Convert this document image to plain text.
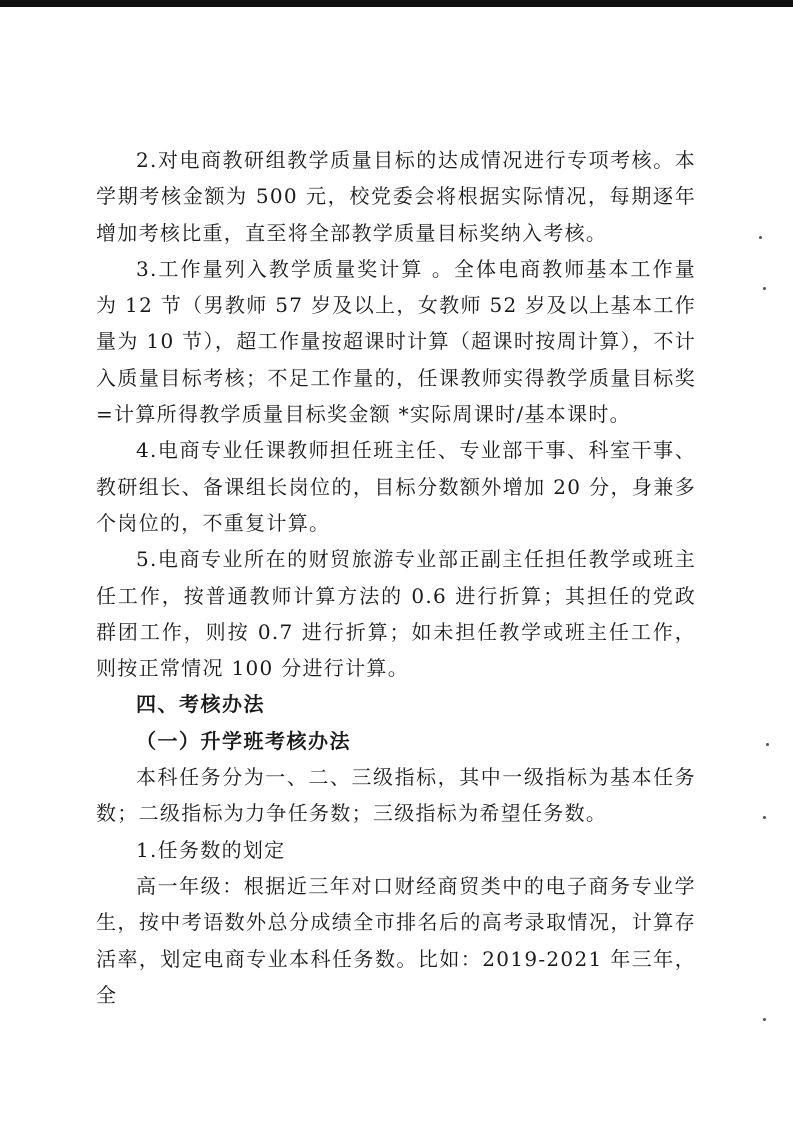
2.对电商教研组教学质量目标的达成情况进行专项考核。本学期考核金额为 500 元，校党委会将根据实际情况，每期逐年增加考核比重，直至将全部教学质量目标奖纳入考核。

3.工作量列入教学质量奖计算 。全体电商教师基本工作量为 12 节（男教师 57 岁及以上，女教师 52 岁及以上基本工作量为 10 节），超工作量按超课时计算（超课时按周计算），不计入质量目标考核；不足工作量的，任课教师实得教学质量目标奖=计算所得教学质量目标奖金额 *实际周课时/基本课时。

4.电商专业任课教师担任班主任、专业部干事、科室干事、教研组长、备课组长岗位的，目标分数额外增加 20 分，身兼多个岗位的，不重复计算。

5.电商专业所在的财贸旅游专业部正副主任担任教学或班主任工作，按普通教师计算方法的 0.6 进行折算；其担任的党政群团工作，则按 0.7 进行折算；如未担任教学或班主任工作，则按正常情况 100 分进行计算。

四、考核办法

（一）升学班考核办法

本科任务分为一、二、三级指标，其中一级指标为基本任务数；二级指标为力争任务数；三级指标为希望任务数。

1.任务数的划定

高一年级：根据近三年对口财经商贸类中的电子商务专业学生，按中考语数外总分成绩全市排名后的高考录取情况，计算存活率，划定电商专业本科任务数。比如：2019-2021 年三年，全
